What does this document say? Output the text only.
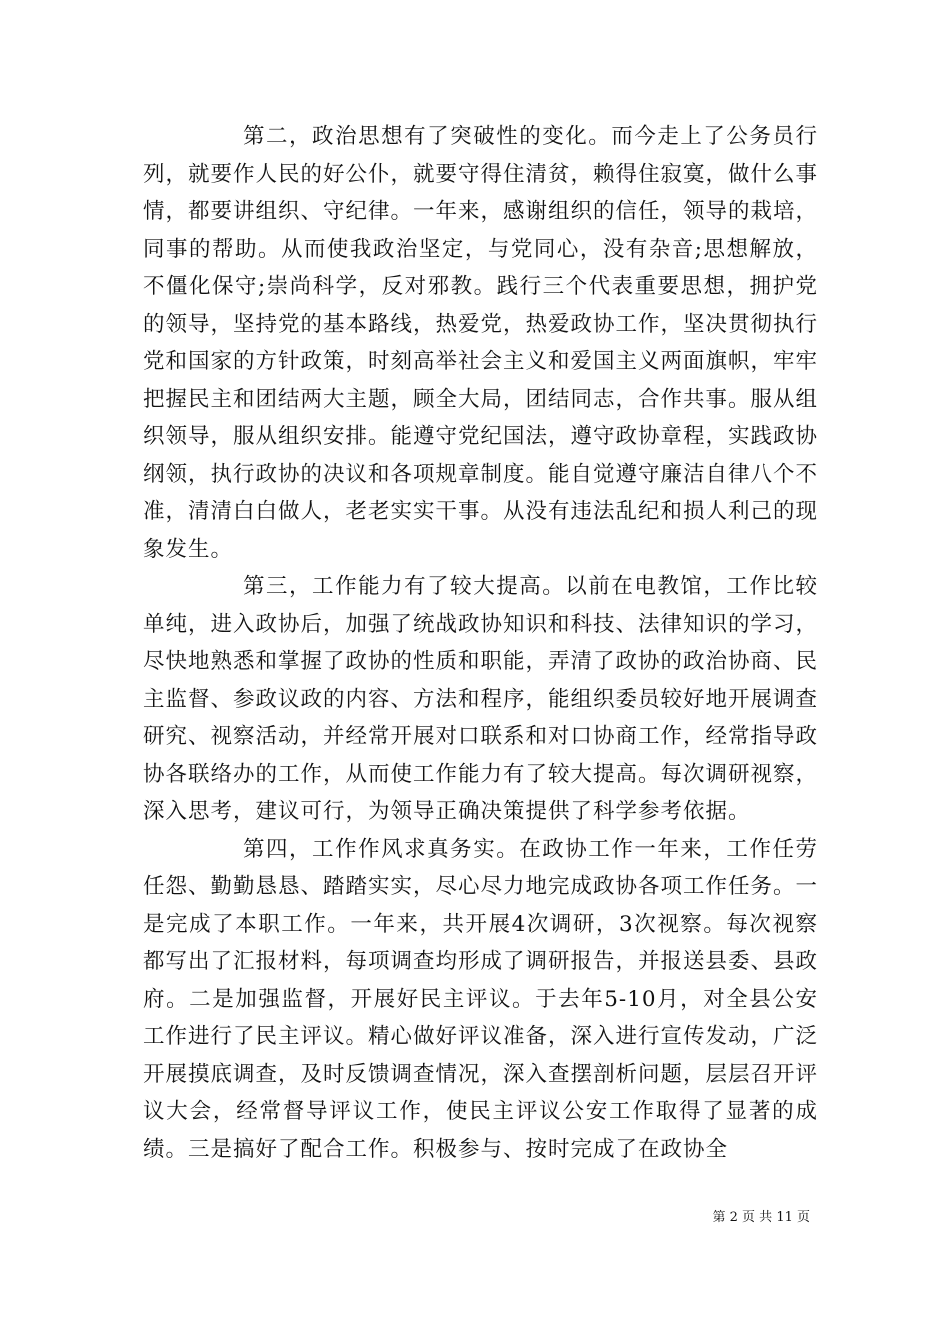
第二，政治思想有了突破性的变化。而今走上了公务员行列，就要作人民的好公仆，就要守得住清贫，赖得住寂寞，做什么事情，都要讲组织、守纪律。一年来，感谢组织的信任，领导的栽培，同事的帮助。从而使我政治坚定，与党同心，没有杂音;思想解放，不僵化保守;崇尚科学，反对邪教。践行三个代表重要思想，拥护党的领导，坚持党的基本路线，热爱党，热爱政协工作，坚决贯彻执行党和国家的方针政策，时刻高举社会主义和爱国主义两面旗帜，牢牢把握民主和团结两大主题，顾全大局，团结同志，合作共事。服从组织领导，服从组织安排。能遵守党纪国法，遵守政协章程，实践政协纲领，执行政协的决议和各项规章制度。能自觉遵守廉洁自律八个不准，清清白白做人，老老实实干事。从没有违法乱纪和损人利己的现象发生。

第三，工作能力有了较大提高。以前在电教馆，工作比较单纯，进入政协后，加强了统战政协知识和科技、法律知识的学习，尽快地熟悉和掌握了政协的性质和职能，弄清了政协的政治协商、民主监督、参政议政的内容、方法和程序，能组织委员较好地开展调查研究、视察活动，并经常开展对口联系和对口协商工作，经常指导政协各联络办的工作，从而使工作能力有了较大提高。每次调研视察，深入思考，建议可行，为领导正确决策提供了科学参考依据。

第四，工作作风求真务实。在政协工作一年来，工作任劳任怨、勤勤恳恳、踏踏实实，尽心尽力地完成政协各项工作任务。一是完成了本职工作。一年来，共开展4次调研，3次视察。每次视察都写出了汇报材料，每项调查均形成了调研报告，并报送县委、县政府。二是加强监督，开展好民主评议。于去年5-10月，对全县公安工作进行了民主评议。精心做好评议准备，深入进行宣传发动，广泛开展摸底调查，及时反馈调查情况，深入查摆剖析问题，层层召开评议大会，经常督导评议工作，使民主评议公安工作取得了显著的成绩。三是搞好了配合工作。积极参与、按时完成了在政协全

第 2 页 共 11 页
